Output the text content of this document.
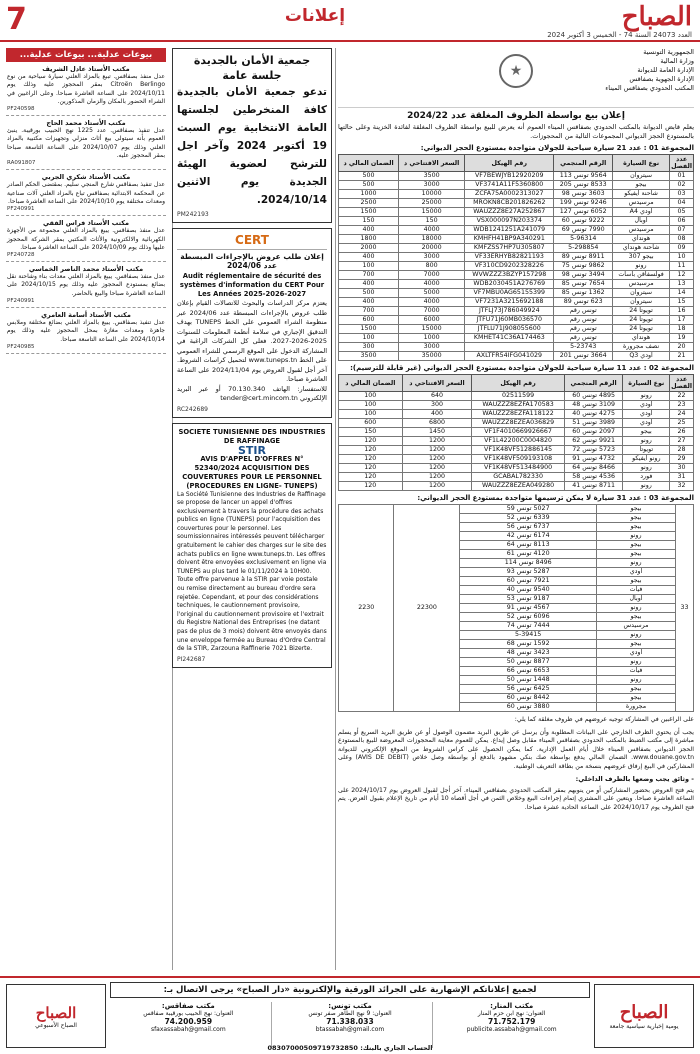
7	إعلانات	الصباح
العدد 24073 السنة 74 - الخميس 3 أكتوبر 2024
الجمهورية التونسية
وزارة المالية
الإدارة العامة للديوانة
الإدارة الجهوية بصفاقس
المكتب الحدودي بصفاقس الميناء
★
إعلان بيع بواسطة الظروف المغلقة عدد 2024/22
يعلم قابض الديوانة بالمكتب الحدودي بصفاقس الميناء العموم أنه يعرض للبيع بواسطة الظروف المغلقة لفائدة الخزينة وعلى حالتها بالمستودع الحجز الديواني المجموعات التالية من المحجوزات.
المجموعة 01 : عدد 21 سيارة سياحية للجولان متواجدة بمستودع الحجز الديواني:
عدد الفصل	نوع السيارة	الرقم المنجمي	رقم الهيكل	السعر الافتتاحي د	الضمان المالي د
01	سيتروان	9564 تونس 113	VF7BEWJYB12920209	3500	500
02	بيجو	8533 تونس 205	VF3741A11F5360800	3000	500
03	شاحنة ايفيكو	3603 تونس 98	ZCFA75A0002313027	10000	1000
04	مرسيدس	9246 تونس 199	MROKN8CB201826262	25000	2500
05	أودي A4	6052 تونس 127	WAUZZZ8E27A252867	15000	1500
06	أوبال	9222 تونس 60	VSX000097N203374	150	150
07	مرسيدس	7990 تونس 69	WDB1241251A241079	4000	400
08	هونداي	5-96314	KMHFH41BP9A340291	18000	1800
09	شاحنة هونداي	5-298854	KMFZSS7HP7U305807	20000	2000
10	بيجو 307	8911 تونس 89	VF33ERHYB82821193	3000	400
11	رونو	9862 تونس 75	VF310CD9202328226	800	100
12	فولسفاقن باسات	3494 تونس 98	WVWZZZ3BZYP157298	7000	700
13	مرسيدس	7654 تونس 85	WDB2030451A276769	4000	400
14	سيتروان	1362 تونس 85	VF7MBU0AG65155399	5000	500
15	سيتروان	623 تونس 89	VF7231A3215692188	4000	400
16	تويوتا 24	تونس رقم	JTFLJ73J786049924	7000	700
17	تويوتا 24	تونس رقم	JTFU71J60MB036570	6000	600
18	تويوتا 24	تونس رقم	JTFLU71J908055600	15000	1500
19	هونداي	تونس رقم	KMHET41C36A174463	1000	100
20	نصف مجرورة	5-23743		3000	300
21	أودي Q3	3664 تونس 201	AXLTFR54IFG041029	35000	3500
المجموعة 02 : عدد 11 سيارة سياحية للجولان متواجدة بمستودع الحجز الديواني (غير قابلة للترسيم):
عدد الفصل	نوع السيارة	الرقم المنجمي	رقم الهيكل	السعر الافتتاحي د	الضمان المالي د
22	رونو	4895 تونس 60	02511599	640	100
23	أودي	3109 تونس 48	WAUZZZ8EZFA170583	300	100
24	أودي	4275 تونس 40	WAUZZZ8EZFA118122	400	100
25	أودي	3989 تونس 51	WAUZZZ8EZEA036829	6800	600
26	بيجو	2097 تونس 60	VF1F4010669926667	1450	150
27	رونو	9921 تونس 62	VF1L42200C0004820	1200	120
28	تويوتا	5723 تونس 72	VF1K48VF512886145	1200	120
29	رونو ايفيكو	4732 تونس 91	VF1K48VF509193108	1200	120
30	رونو	8466 تونس 64	VF1K48VF513484900	1200	120
31	فورد	4536 تونس 58	GCABAL782330	1200	120
32	رونو	8711 تونس 41	WAUZZZ8EZEA049280	1200	120
المجموعة 03 : عدد 31 سيارة لا يمكن ترسيمها متواجدة بمستودع الحجز الديواني:
33	بيجو	5027 تونس 59	22300	2230
	بيجو	6339 تونس 52		
	بيجو	6737 تونس 56		
	رونو	6174 تونس 42		
	بيجو	8113 تونس 64		
	بيجو	4120 تونس 61		
	رونو	8496 تونس 114		
	أودي	5287 تونس 93		
	بيجو	7921 تونس 60		
	فيات	9540 تونس 40		
	أوبال	9187 تونس 53		
	رونو	4567 تونس 91		
	بيجو	6096 تونس 52		
	مرسيدس	7444 تونس 74		
	رونو	5-39415		
	بيجو	1592 تونس 68		
	أودي	3423 تونس 48		
	رونو	8877 تونس 50		
	فيات	6653 تونس 66		
	رونو	1448 تونس 50		
	بيجو	6425 تونس 56		
	بيجو	8442 تونس 60		
	مجرورة	3880 تونس 60		
على الراغبين في المشاركة توجيه عروضهم في ظروف مغلقة كما يلي:
يجب أن يحتوي الظرف الخارجي على البيانات المطلوبة وأن يرسل عن طريق البريد مضمون الوصول أو عن طريق البريد السريع أو يسلم مباشرة إلى مكتب الضبط بالمكتب الحدودي بصفاقس الميناء مقابل وصل إيداع. يمكن للعموم معاينة المحجوزات المعروضة للبيع بالمستودع الحجز الديواني بصفاقس الميناء خلال أيام العمل الإدارية. كما يمكن الحصول على كراس الشروط من الموقع الإلكتروني للديوانة www.douane.gov.tn. الضمان المالي يدفع بواسطة صك بنكي مشهود بالدفع أو بواسطة وصل خلاص (AVIS DE DEBIT) وعلى المشاركين في البيع إرفاق عروضهم بنسخة من بطاقة التعريف الوطنية.
- وثائق يجب وضعها بالظرف الداخلي:
يتم فتح العروض بحضور المشاركين أو من ينوبهم بمقر المكتب الحدودي بصفاقس الميناء. آخر أجل لقبول العروض يوم 2024/10/17 على الساعة العاشرة صباحا. ويتعين على المشتري إتمام إجراءات البيع وخلاص الثمن في أجل أقصاه 10 أيام من تاريخ الإعلام بقبول العرض. يتم فتح الظروف يوم 2024/10/17 على الساعة الحادية عشرة صباحا.
جمعية الأمان بالجديدة
جلسة عامة
تدعو جمعية الأمان بالجديدة كافة المنخرطين لجلستها العامة الانتخابية يوم السبت 19 أكتوبر 2024 وآخر اجل للترشح لعضوية الهيئة الجديدة يوم الاثنين 2024/10/14.
PM242193
CERT
إعلان طلب عروض بالإجراءات المبسطة عدد 2024/06
Audit réglementaire de sécurité des systèmes d'information du CERT Pour Les Années 2025-2026-2027
يعتزم مركز الدراسات والبحوث للاتصالات القيام بإعلان طلب عروض بالإجراءات المبسطة عدد 2024/06 عبر منظومة الشراء العمومي على الخط TUNEPS بهدف التدقيق الإجباري في سلامة أنظمة المعلومات للسنوات 2025-2026-2027. فعلى كل الشركات الراغبة في المشاركة الدخول على الموقع الرسمي للشراء العمومي على الخط www.tuneps.tn لتحميل كراسات الشروط. آخر أجل لقبول العروض يوم 2024/11/04 على الساعة العاشرة صباحا.
للاستفسار: الهاتف 70.130.340 أو عبر البريد الإلكتروني tender@cert.mincom.tn
RC242689
SOCIETE TUNISIENNE DES INDUSTRIES DE RAFFINAGE
STIR
AVIS D'APPEL D'OFFRES N° 52340/2024 ACQUISITION DES COUVERTURES POUR LE PERSONNEL (PROCEDURES EN LIGNE- TUNEPS)
La Société Tunisienne des Industries de Raffinage se propose de lancer un appel d'offres exclusivement à travers la procédure des achats publics en ligne (TUNEPS) pour l'acquisition des couvertures pour le personnel. Les soumissionnaires intéressés peuvent télécharger gratuitement le cahier des charges sur le site des achats publics en ligne www.tuneps.tn. Les offres doivent être envoyées exclusivement en ligne via TUNEPS au plus tard le 01/11/2024 à 10H00. Toute offre parvenue à la STIR par voie postale ou remise directement au bureau d'ordre sera rejetée. Cependant, et pour des considérations techniques, le cautionnement provisoire, l'original du cautionnement provisoire et l'extrait du Registre National des Entreprises (ne datant pas de plus de 3 mois) doivent être envoyés dans une enveloppe fermée au Bureau d'Ordre Central de la STIR, Zarzouna Raffinerie 7021 Bizerte.
PI242687
بيوعات عدلية... بيوعات عدلية...
مكتب الأستاذ عادل الشريف
عدل منفذ بصفاقس. تبيع بالمزاد العلني سيارة سياحية من نوع Citroën Berlingo بمقر المحجوز عليه وذلك يوم 2024/10/11 على الساعة العاشرة صباحا. وعلى الراغبين في الشراء الحضور بالمكان والزمان المذكورين.
PF240598
مكتب الأستاذ محمد الحاج
عدل تنفيذ بصفاقس. عدد 1225 نهج الحبيب بورقيبة. ينبئ العموم بأنه سيتولى بيع أثاث منزلي وتجهيزات مكتبية بالمزاد العلني وذلك يوم 2024/10/07 على الساعة التاسعة صباحا بمقر المحجوز عليه.
RA091807
مكتب الأستاذ شكري الجربي
عدل تنفيذ بصفاقس شارع المنجي سليم. بمقتضى الحكم الصادر عن المحكمة الابتدائية بصفاقس تباع بالمزاد العلني آلات صناعية ومعدات مختلفة يوم 2024/10/10 على الساعة العاشرة صباحا.
PF240991
مكتب الأستاذ فراس الفقي
عدل منفذ بصفاقس. يبيع بالمزاد العلني مجموعة من الأجهزة الكهربائية والالكترونية والأثاث المكتبي بمقر الشركة المحجوز عليها وذلك يوم 2024/10/09 على الساعة العاشرة صباحا.
PF240728
مكتب الأستاذ محمد الناصر الخماسي
عدل منفذ بصفاقس. يبيع بالمزاد العلني معدات بناء وشاحنة نقل بضائع بمستودع المحجوز عليه وذلك يوم 2024/10/15 على الساعة العاشرة صباحا والبيع بالحاضر.
PF240991
مكتب الأستاذ أسامة العامري
عدل تنفيذ بصفاقس. يبيع بالمزاد العلني بضائع مختلفة وملابس جاهزة ومعدات مغازة بمحل المحجوز عليه وذلك يوم 2024/10/14 على الساعة التاسعة صباحا.
PF240985
الصباح
يومية إخبارية سياسية جامعة
لجميع إعلاناتكم الإشهارية على الجرائد الورقية والإلكترونية «دار الصباح» يرجى الاتصال بـ:
مكتب المنار:
العنوان: نهج ابن حزم المنار
71.752.179
publicite.assabah@gmail.com
مكتب تونس:
العنوان: 9 نهج الطاهر صفر تونس
71.338.033
btassabah@gmail.com
مكتب صفاقس:
العنوان: نهج الحبيب بورقيبة صفاقس
74.200.959
sfaxassabah@gmail.com
الحساب الجاري بالبنك: 08307000509719732850
الصباح
الصباح الأسبوعي
